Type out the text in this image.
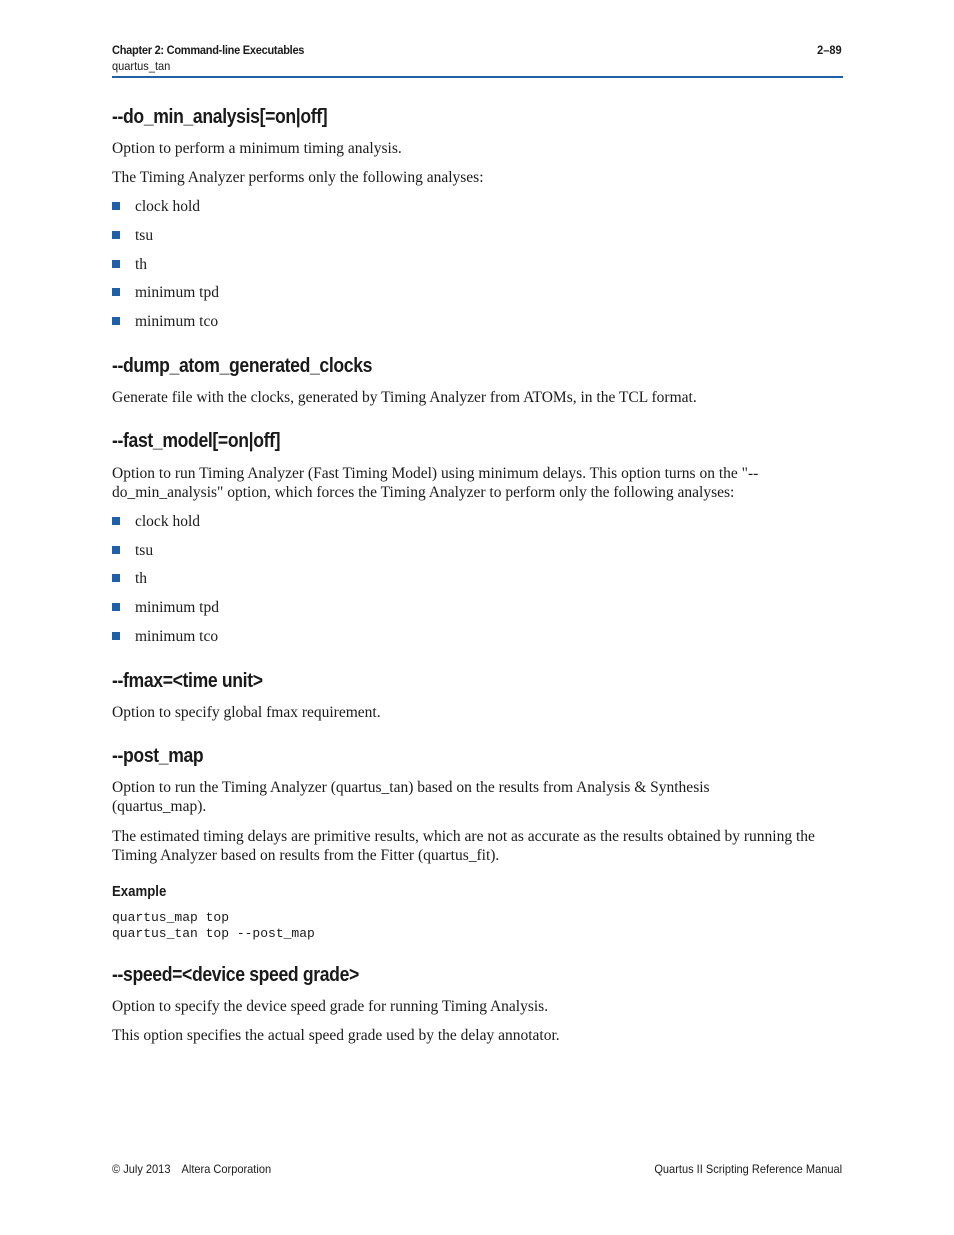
Chapter 2: Command-line Executables
quartus_tan
2–89
--do_min_analysis[=on|off]

Option to perform a minimum timing analysis.

The Timing Analyzer performs only the following analyses:

clock hold
tsu
th
minimum tpd
minimum tco
--dump_atom_generated_clocks

Generate file with the clocks, generated by Timing Analyzer from ATOMs, in the TCL format.

--fast_model[=on|off]

Option to run Timing Analyzer (Fast Timing Model) using minimum delays. This option turns on the "--do_min_analysis" option, which forces the Timing Analyzer to perform only the following analyses:

clock hold
tsu
th
minimum tpd
minimum tco
--fmax=<time unit>

Option to specify global fmax requirement.

--post_map

Option to run the Timing Analyzer (quartus_tan) based on the results from Analysis & Synthesis (quartus_map).

The estimated timing delays are primitive results, which are not as accurate as the results obtained by running the Timing Analyzer based on results from the Fitter (quartus_fit).

Example
quartus_map top
quartus_tan top --post_map
--speed=<device speed grade>

Option to specify the device speed grade for running Timing Analysis.

This option specifies the actual speed grade used by the delay annotator.

© July 2013 Altera Corporation	Quartus II Scripting Reference Manual
